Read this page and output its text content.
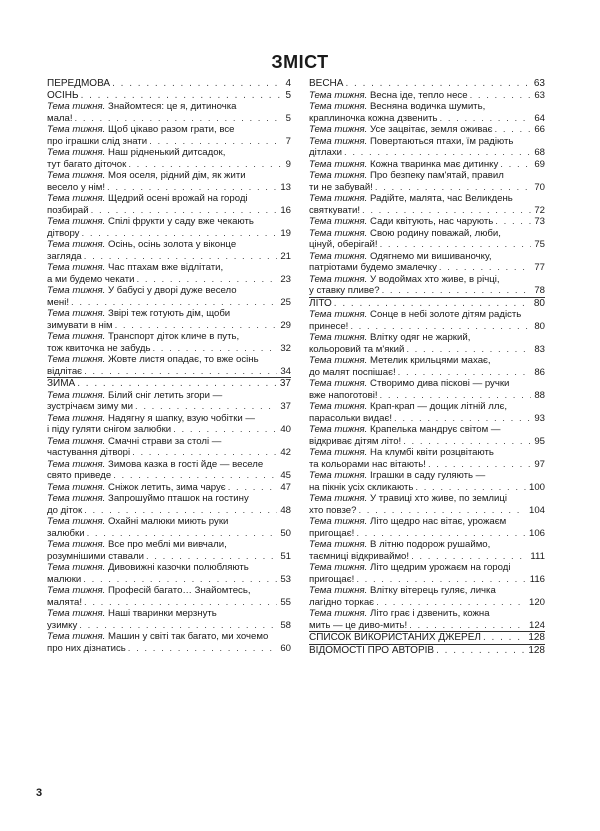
ЗМІСТ
ПЕРЕДМОВА . . .	4
ОСІНЬ . . .	5
Тема тижня.
Знайомтеся: це я, дитиночка
мала! . . .	5
Тема тижня.
Щоб цікаво разом грати, все
про іграшки слід знати . . .	7
Тема тижня.
Наш рідненький дитсадок,
тут багато діточок . . .	9
Тема тижня.
Моя оселя, рідний дім, як жити
весело у нім! . . .	13
Тема тижня.
Щедрий осені врожай на городі
позбирай . . .	16
Тема тижня.
Спілі фрукти у саду вже чекають
дітвору . . .	19
Тема тижня.
Осінь, осінь золота у віконце
загляда . . .	21
Тема тижня.
Час птахам вже відлітати,
а ми будемо чекати . . .	23
Тема тижня.
У бабусі у дворі дуже весело
мені! . . .	25
Тема тижня.
Звірі теж готують дім, щоби
зимувати в нім . . .	29
Тема тижня.
Транспорт діток кличе в путь,
тож квиточка не забудь . . .	32
Тема тижня.
Жовте листя опадає, то вже осінь
відлітає . . .	34
ЗИМА . . .	37
Тема тижня.
Білий сніг летить згори —
зустрічаєм зиму ми . . .	37
Тема тижня.
Надягну я шапку, взую чобітки —
і піду гуляти снігом залюбки . . .	40
Тема тижня.
Смачні страви за столі —
частування дітворі . . .	42
Тема тижня.
Зимова казка в гості йде — веселе
свято приведе . . .	45
Тема тижня.
Сніжок летить, зима чарує . . .	47
Тема тижня.
Запрошуймо пташок на гостину
до діток . . .	48
Тема тижня.
Охайні малюки миють руки
залюбки . . .	50
Тема тижня.
Все про меблі ми вивчали,
розумнішими ставали . . .	51
Тема тижня.
Дивовижні казочки полюбляють
малюки . . .	53
Тема тижня.
Професій багато… Знайомтесь,
малята! . . .	55
Тема тижня.
Наші тваринки мерзнуть
узимку . . .	58
Тема тижня.
Машин у світі так багато, ми хочемо
про них дізнатись . . .	60
ВЕСНА . . .	63
Тема тижня.
Весна іде, тепло несе . . .	63
Тема тижня.
Весняна водичка шумить,
краплиночка кожна дзвенить . . .	64
Тема тижня.
Усе зацвітає, земля оживає . . .	66
Тема тижня.
Повертаються птахи, їм радіють
дітлахи . . .	68
Тема тижня.
Кожна тваринка має дитинку . . .	69
Тема тижня.
Про безпеку пам'ятай, правил
ти не забувай! . . .	70
Тема тижня.
Радійте, малята, час Великдень
святкувати! . . .	72
Тема тижня.
Сади квітують, нас чарують . . .	73
Тема тижня.
Свою родину поважай, люби,
цінуй, оберігай! . . .	75
Тема тижня.
Одягнемо ми вишиваночку,
патріотами будемо змалечку . . .	77
Тема тижня.
У водоймах хто живе, в річці,
у ставку пливе? . . .	78
ЛІТО . . .	80
Тема тижня.
Сонце в небі золоте дітям радість
принесе! . . .	80
Тема тижня.
Влітку одяг не жаркий,
кольоровий та м'який . . .	83
Тема тижня.
Метелик крильцями махає,
до малят поспішає! . . .	86
Тема тижня.
Створимо дива піскові — ручки
вже напоготові! . . .	88
Тема тижня.
Крап-крап — дощик літній ллє,
парасольки видає! . . .	93
Тема тижня.
Крапелька мандрує світом —
відкриває дітям літо! . . .	95
Тема тижня.
На клумбі квіти розцвітають
та кольорами нас вітають! . . .	97
Тема тижня.
Іграшки в саду гуляють —
на пікнік усіх скликають . . .	100
Тема тижня.
У травиці хто живе, по землиці
хто повзе? . . .	104
Тема тижня.
Літо щедро нас вітає, урожаєм
пригощає! . . .	106
Тема тижня.
В літню подорож рушаймо,
таємниці відкриваймо! . . .	111
Тема тижня.
Літо щедрим урожаєм на городі
пригощає! . . .	116
Тема тижня.
Влітку вітерець гуляє, личка
лагідно торкає . . .	120
Тема тижня.
Літо грає і дзвенить, кожна
мить — це диво-мить! . . .	124
СПИСОК ВИКОРИСТАНИХ ДЖЕРЕЛ . . .	128
ВІДОМОСТІ ПРО АВТОРІВ . . .	128
3
